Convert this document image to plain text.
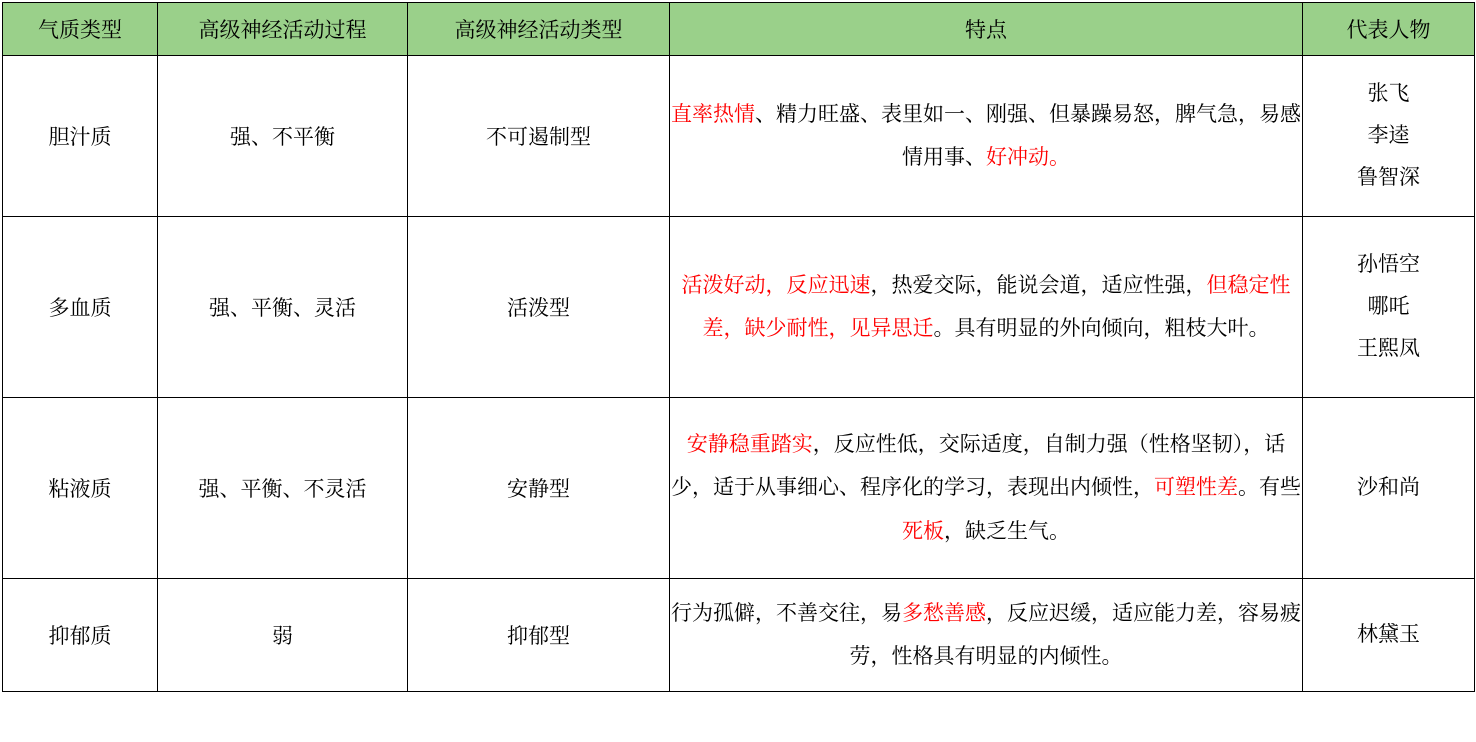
气质类型	高级神经活动过程	高级神经活动类型	特点	代表人物
胆汁质	强、不平衡	不可遏制型	直率热情、精力旺盛、表里如一、刚强、但暴躁易怒，脾气急，易感情用事、好冲动。	张飞
李逵
鲁智深

多血质	强、平衡、灵活	活泼型	活泼好动，反应迅速，热爱交际，能说会道，适应性强，但稳定性差，缺少耐性，见异思迁。具有明显的外向倾向，粗枝大叶。	孙悟空
哪吒
王熙凤

粘液质	强、平衡、不灵活	安静型	安静稳重踏实，反应性低，交际适度，自制力强（性格坚韧），话少，适于从事细心、程序化的学习，表现出内倾性，可塑性差。有些死板，缺乏生气。	沙和尚

抑郁质	弱	抑郁型	行为孤僻，不善交往，易多愁善感，反应迟缓，适应能力差，容易疲劳，性格具有明显的内倾性。	林黛玉
